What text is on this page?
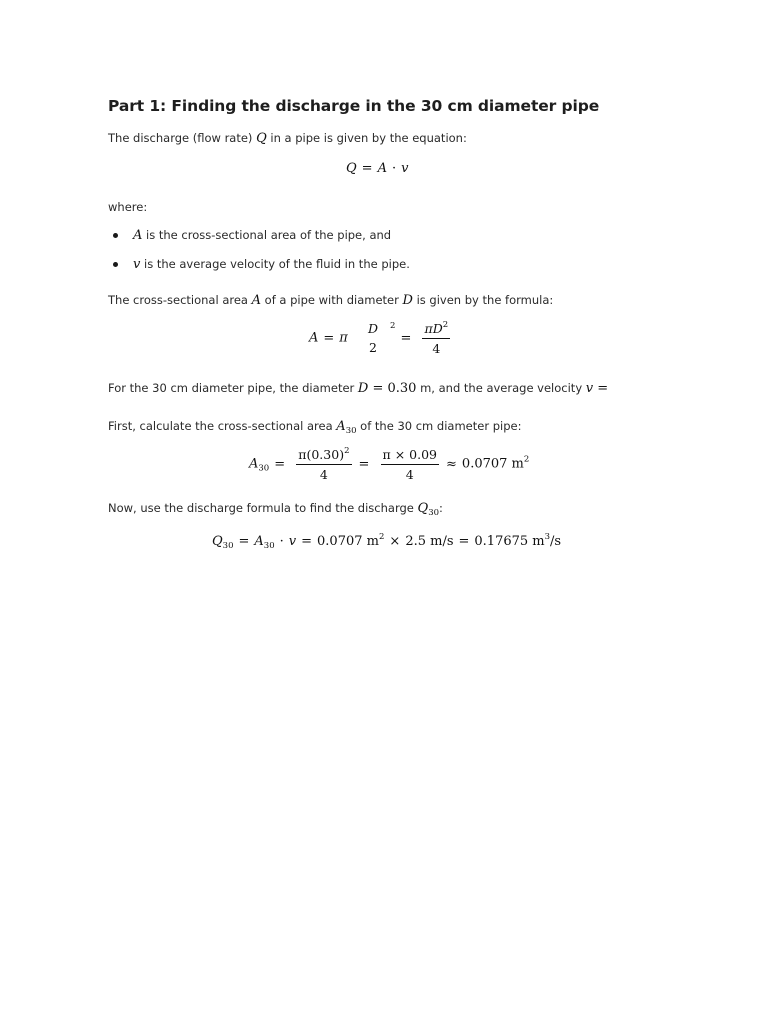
Part 1: Finding the discharge in the 30 cm diameter pipe
The discharge (flow rate) Q in a pipe is given by the equation:
Q = A · v
where:
A is the cross-sectional area of the pipe, and
v is the average velocity of the fluid in the pipe.
The cross-sectional area A of a pipe with diameter D is given by the formula:
A = π
D
2
$^2= \frac{\pi D^2}{4}$
For the 30 cm diameter pipe, the diameter D = 0.30 m, and the average velocity v =
First, calculate the cross-sectional area $A_{30}$ of the 30 cm diameter pipe:
$A_{30} = \frac{\pi(0.30)^2}{4} = \frac{\pi \times 0.09}{4} \approx 0.0707$ $m^2$
Now, use the discharge formula to find the discharge $Q_{30}$:
$Q_{30} = A_{30} \cdot v = 0.0707$ $m^2 \times 2.5$ m/s = 0.17675 $m^3/s$
